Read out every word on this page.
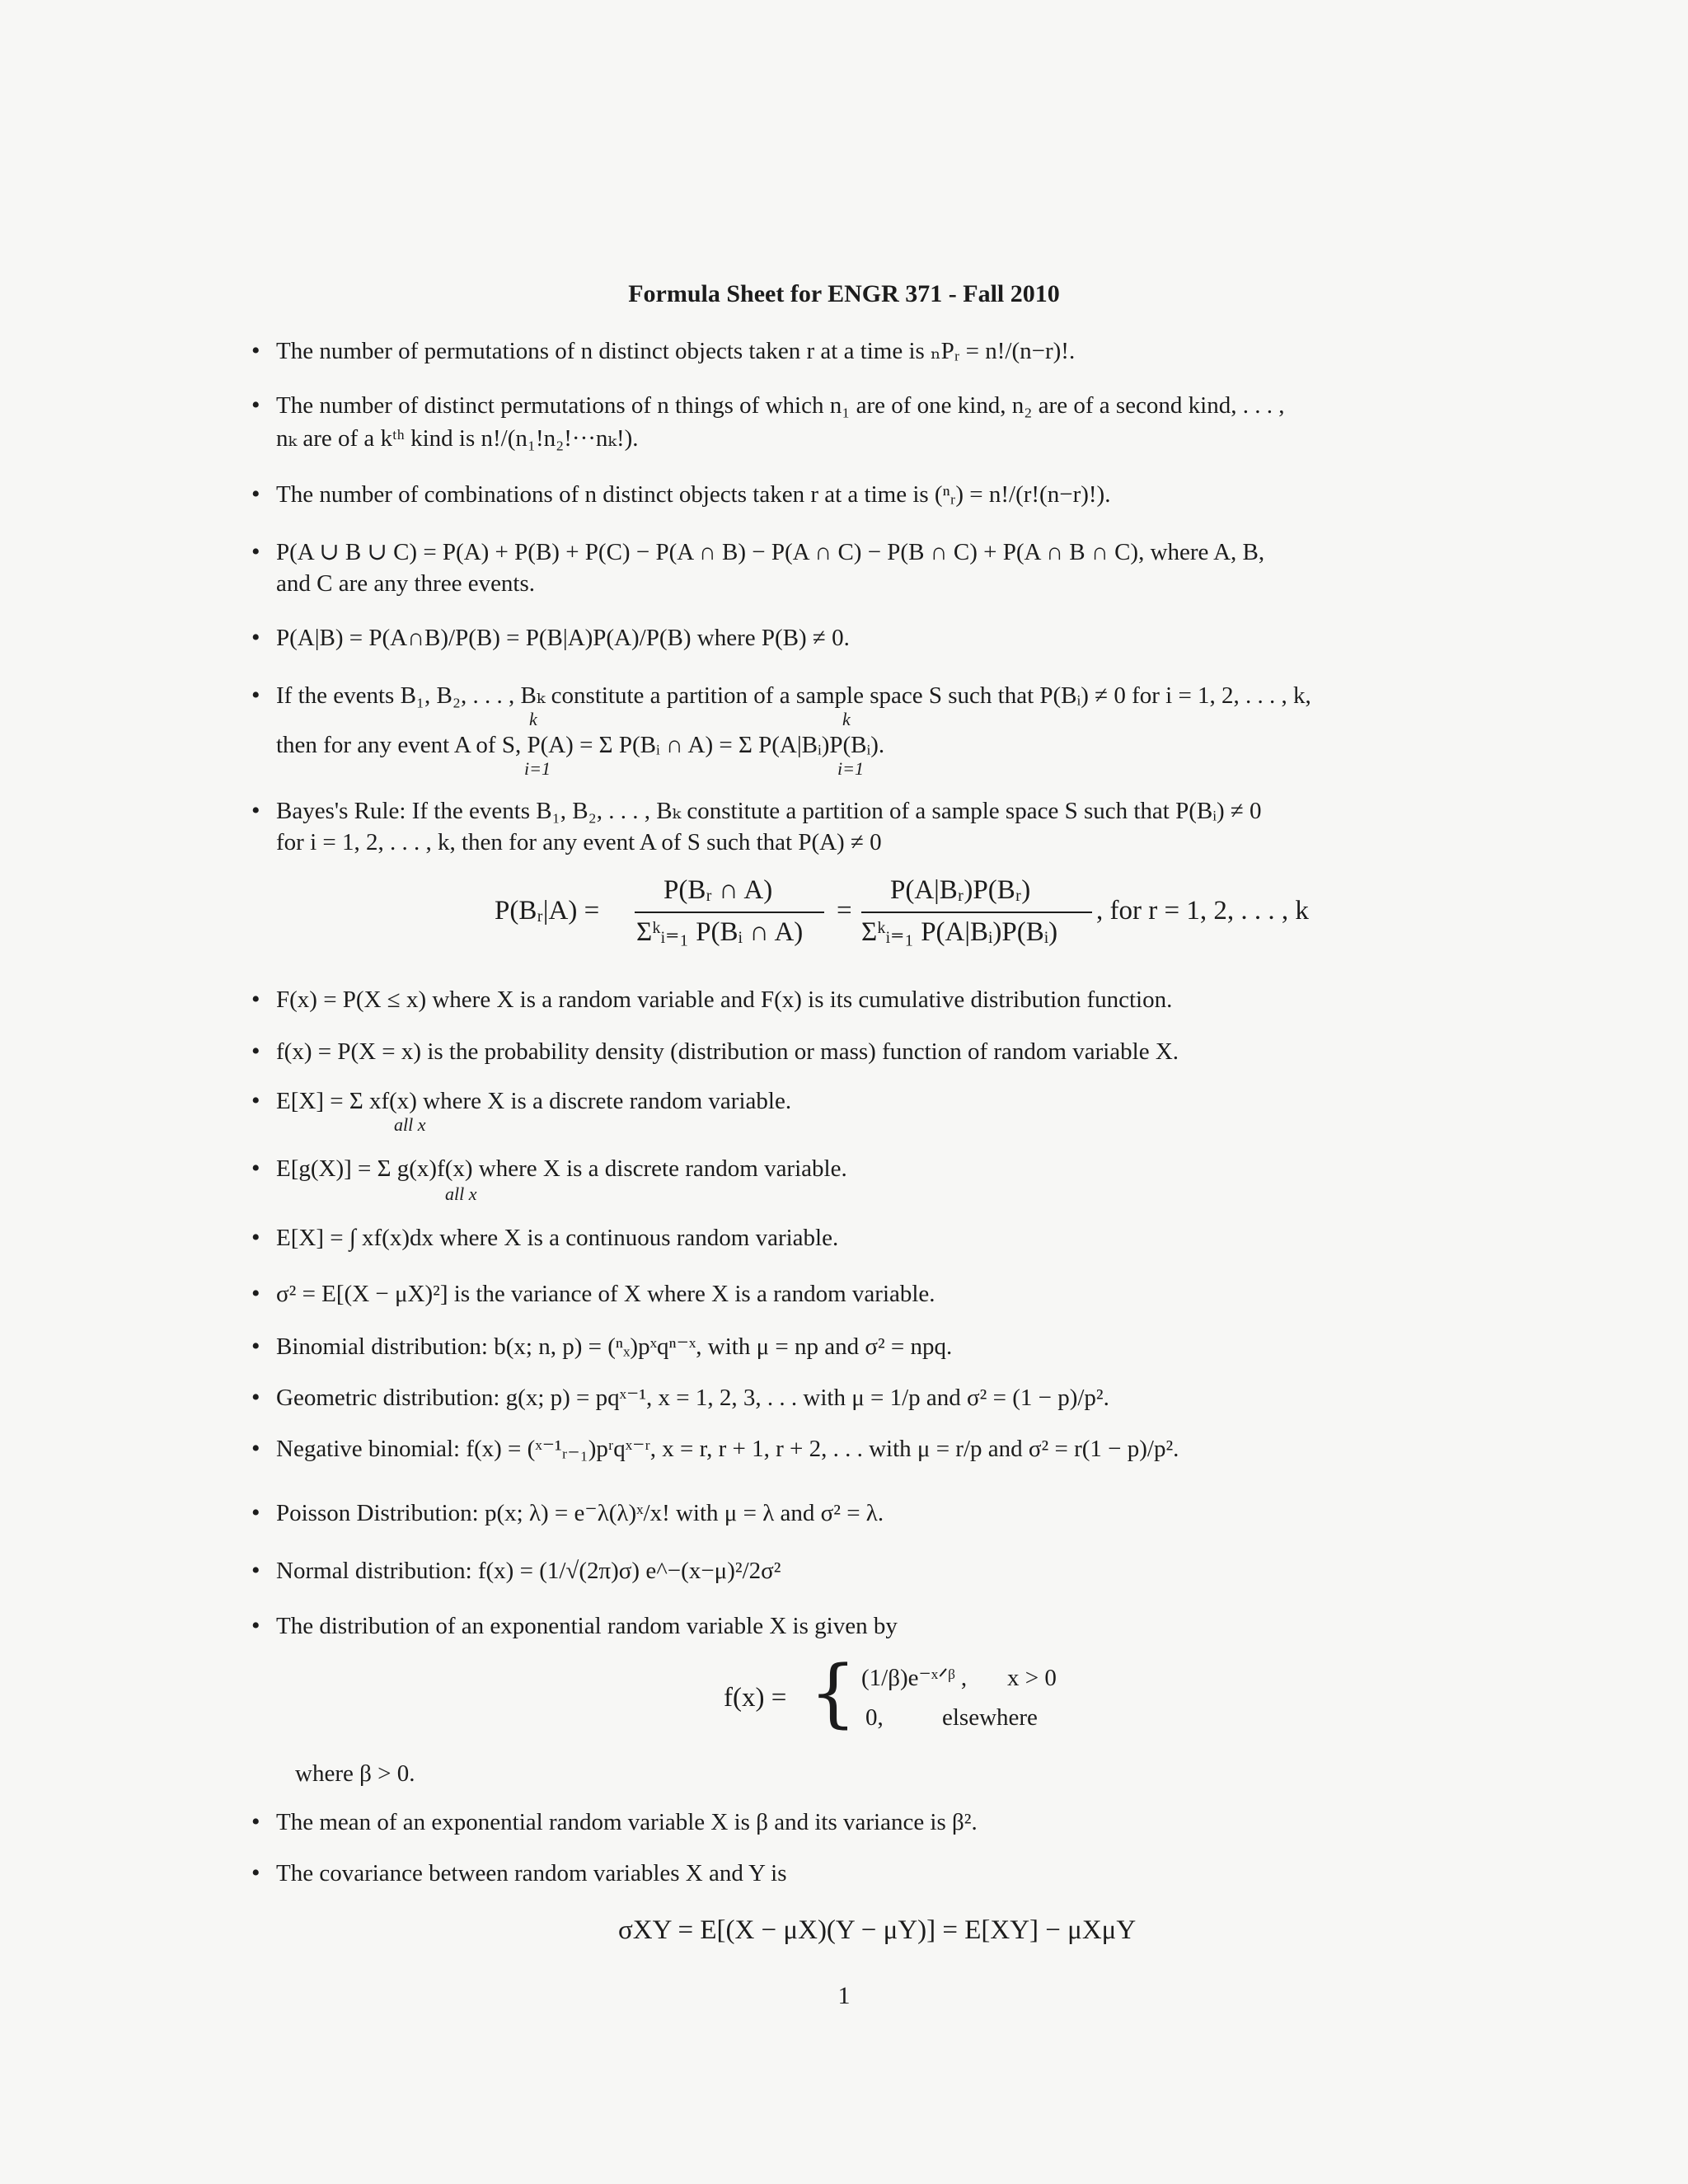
Formula Sheet for ENGR 371 - Fall 2010
• The number of permutations of n distinct objects taken r at a time is ₙPᵣ = n!/(n−r)!.
• The number of distinct permutations of n things of which n₁ are of one kind, n₂ are of a second kind, . . . ,
nₖ are of a kᵗʰ kind is n!/(n₁!n₂!···nₖ!).
• The number of combinations of n distinct objects taken r at a time is (ⁿᵣ) = n!/(r!(n−r)!).
• P(A ∪ B ∪ C) = P(A) + P(B) + P(C) − P(A ∩ B) − P(A ∩ C) − P(B ∩ C) + P(A ∩ B ∩ C), where A, B,
and C are any three events.
• P(A|B) = P(A∩B)/P(B) = P(B|A)P(A)/P(B) where P(B) ≠ 0.
• If the events B₁, B₂, . . . , Bₖ constitute a partition of a sample space S such that P(Bᵢ) ≠ 0 for i = 1, 2, . . . , k,
then for any event A of S, P(A) = Σ P(Bᵢ ∩ A) = Σ P(A|Bᵢ)P(Bᵢ).
k
i=1
k
i=1
• Bayes's Rule: If the events B₁, B₂, . . . , Bₖ constitute a partition of a sample space S such that P(Bᵢ) ≠ 0
for i = 1, 2, . . . , k, then for any event A of S such that P(A) ≠ 0
P(Bᵣ|A) =
P(Bᵣ ∩ A)
Σᵏᵢ₌₁ P(Bᵢ ∩ A)
=
P(A|Bᵣ)P(Bᵣ)
Σᵏᵢ₌₁ P(A|Bᵢ)P(Bᵢ)
, for r = 1, 2, . . . , k
• F(x) = P(X ≤ x) where X is a random variable and F(x) is its cumulative distribution function.
• f(x) = P(X = x) is the probability density (distribution or mass) function of random variable X.
• E[X] = Σ xf(x) where X is a discrete random variable.
all x
• E[g(X)] = Σ g(x)f(x) where X is a discrete random variable.
all x
• E[X] = ∫ xf(x)dx where X is a continuous random variable.
• σ² = E[(X − μX)²] is the variance of X where X is a random variable.
• Binomial distribution: b(x; n, p) = (ⁿₓ)pˣqⁿ⁻ˣ, with μ = np and σ² = npq.
• Geometric distribution: g(x; p) = pqˣ⁻¹, x = 1, 2, 3, . . . with μ = 1/p and σ² = (1 − p)/p².
• Negative binomial: f(x) = (ˣ⁻¹ᵣ₋₁)pʳqˣ⁻ʳ, x = r, r + 1, r + 2, . . . with μ = r/p and σ² = r(1 − p)/p².
• Poisson Distribution: p(x; λ) = e⁻λ(λ)ˣ/x! with μ = λ and σ² = λ.
• Normal distribution: f(x) = (1/√(2π)σ) e^−(x−μ)²/2σ²
• The distribution of an exponential random variable X is given by
f(x) = { (1/β)e⁻ˣᐟᵝ , x > 0
0, elsewhere
where β > 0.
• The mean of an exponential random variable X is β and its variance is β².
• The covariance between random variables X and Y is
σXY = E[(X − μX)(Y − μY)] = E[XY] − μXμY
1
